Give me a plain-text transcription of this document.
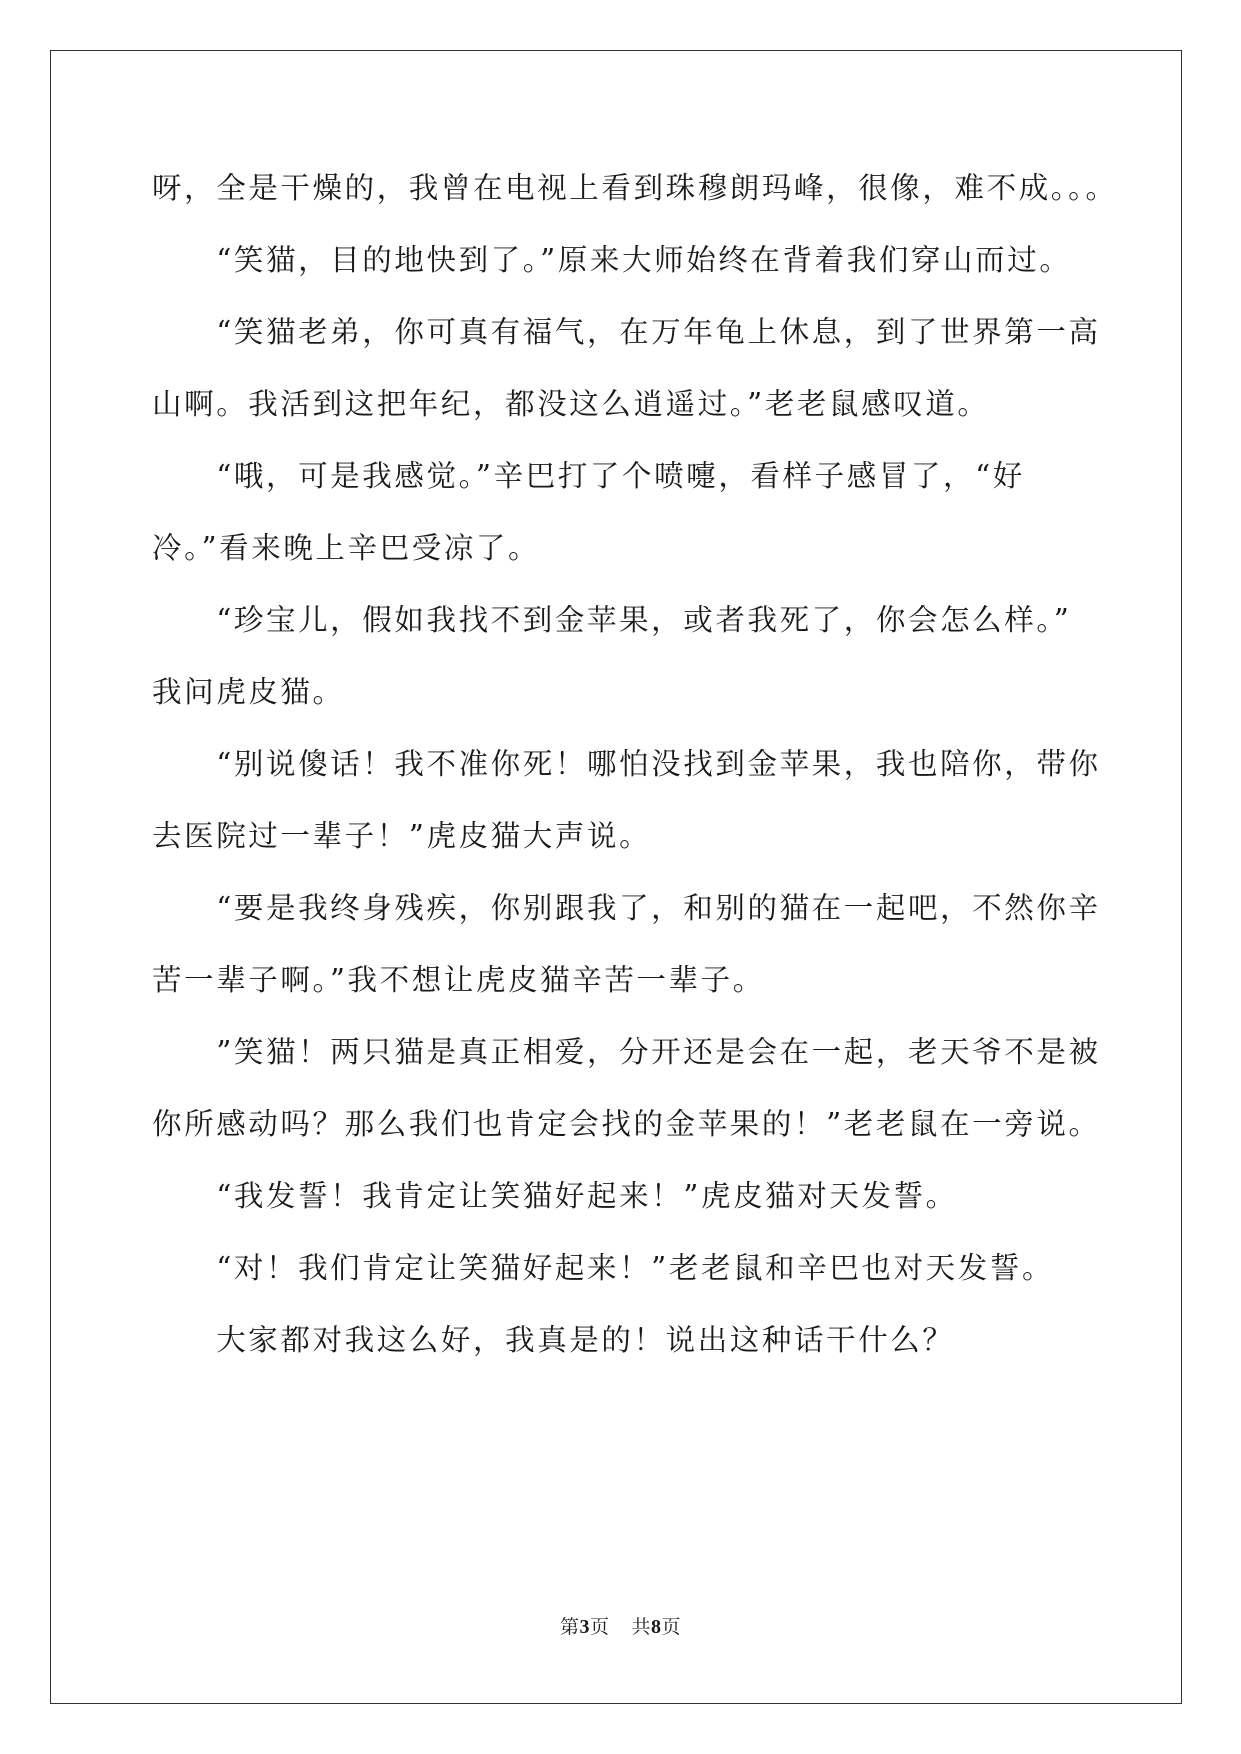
呀，全是干燥的，我曾在电视上看到珠穆朗玛峰，很像，难不成。。。
　　“笑猫，目的地快到了。”原来大师始终在背着我们穿山而过。
　　“笑猫老弟，你可真有福气，在万年龟上休息，到了世界第一高
山啊。我活到这把年纪，都没这么逍遥过。”老老鼠感叹道。
　　“哦，可是我感觉。”辛巴打了个喷嚏，看样子感冒了，“好
冷。”看来晚上辛巴受凉了。
　　“珍宝儿，假如我找不到金苹果，或者我死了，你会怎么样。”
我问虎皮猫。
　　“别说傻话！我不准你死！哪怕没找到金苹果，我也陪你，带你
去医院过一辈子！”虎皮猫大声说。
　　“要是我终身残疾，你别跟我了，和别的猫在一起吧，不然你辛
苦一辈子啊。”我不想让虎皮猫辛苦一辈子。
　　”笑猫！两只猫是真正相爱，分开还是会在一起，老天爷不是被
你所感动吗？那么我们也肯定会找的金苹果的！”老老鼠在一旁说。
　　“我发誓！我肯定让笑猫好起来！”虎皮猫对天发誓。
　　“对！我们肯定让笑猫好起来！”老老鼠和辛巴也对天发誓。
　　大家都对我这么好，我真是的！说出这种话干什么？
第3页 共8页
